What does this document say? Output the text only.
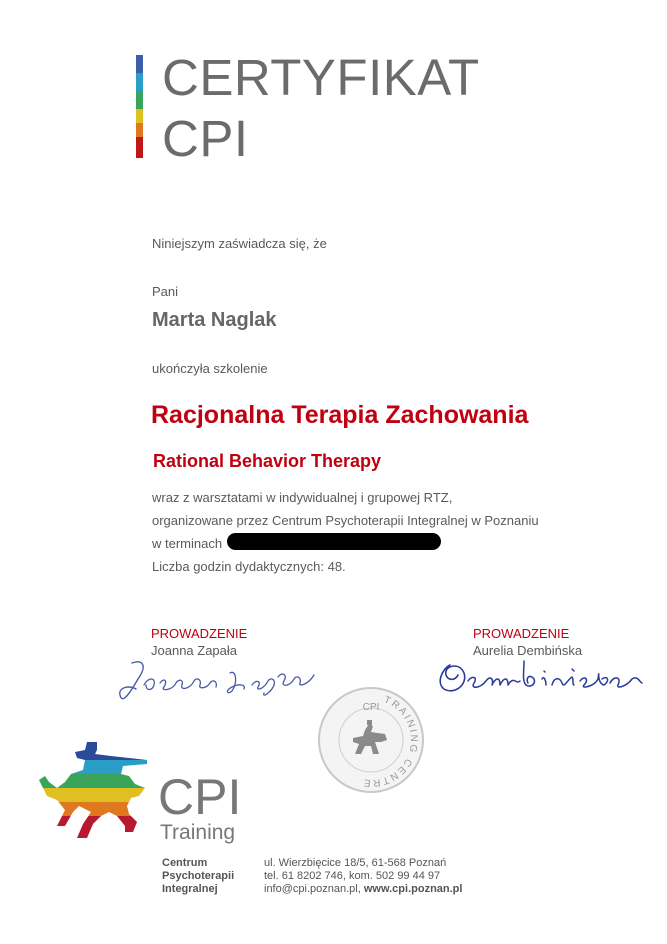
CERTYFIKAT
CPI
Niniejszym zaświadcza się, że
Pani
Marta Naglak
ukończyła szkolenie
Racjonalna Terapia Zachowania
Rational Behavior Therapy
wraz z warsztatami w indywidualnej i grupowej RTZ,
organizowane przez Centrum Psychoterapii Integralnej w Poznaniu
w terminach
Liczba godzin dydaktycznych: 48.
PROWADZENIE
Joanna Zapała
PROWADZENIE
Aurelia Dembińska
CPI TRAINING CENTRE
CPI
Training
Centrum
Psychoterapii
Integralnej
ul. Wierzbięcice 18/5, 61-568 Poznań
tel. 61 8202 746, kom. 502 99 44 97
info@cpi.poznan.pl, www.cpi.poznan.pl
